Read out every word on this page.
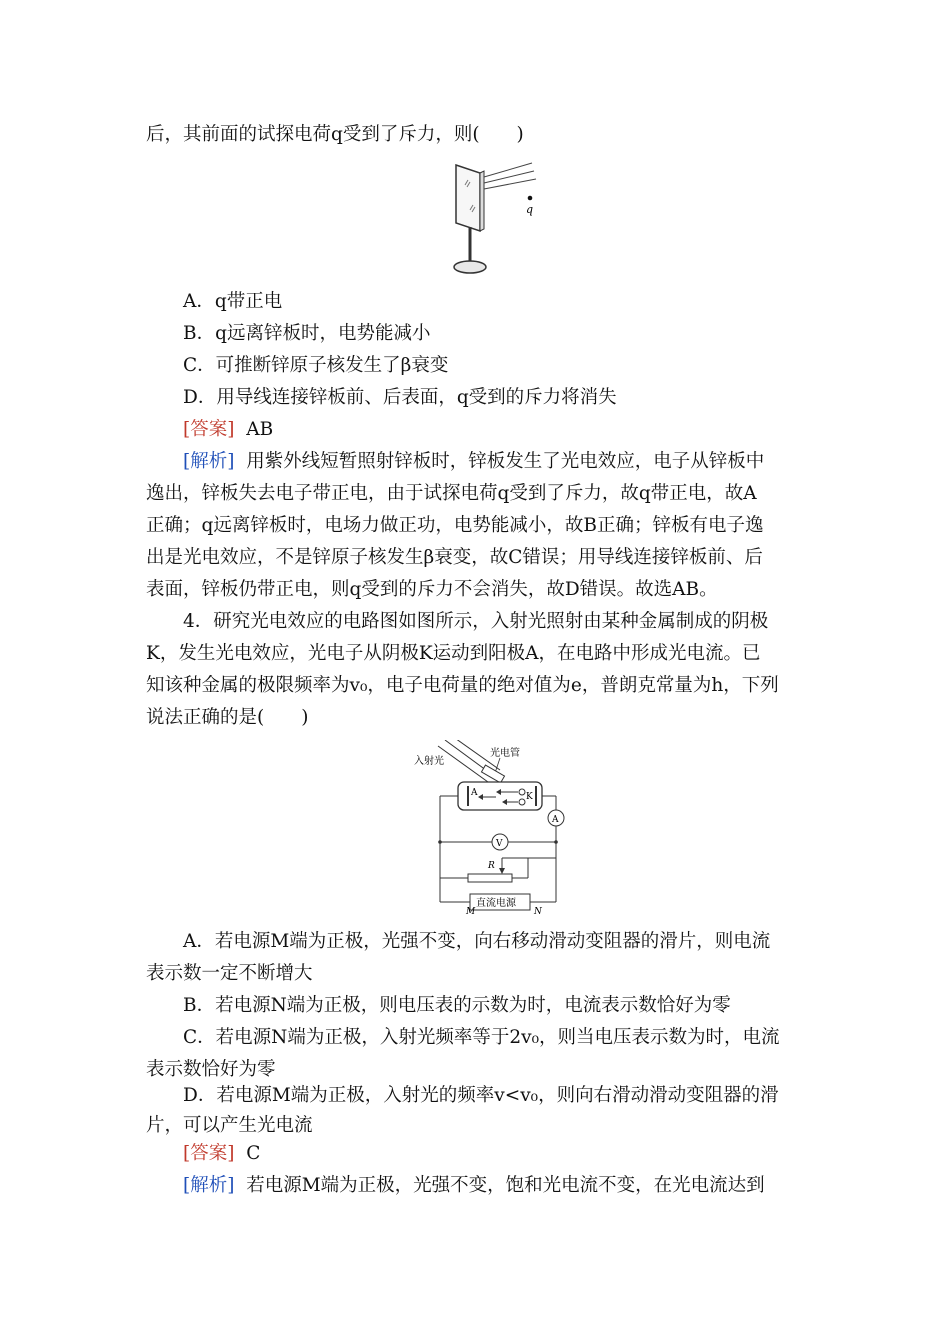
后，其前面的试探电荷q受到了斥力，则(　　)
q
A．q带正电
B．q远离锌板时，电势能减小
C．可推断锌原子核发生了β衰变
D．用导线连接锌板前、后表面，q受到的斥力将消失
[答案] AB
[解析] 用紫外线短暂照射锌板时，锌板发生了光电效应，电子从锌板中
逸出，锌板失去电子带正电，由于试探电荷q受到了斥力，故q带正电，故A
正确；q远离锌板时，电场力做正功，电势能减小，故B正确；锌板有电子逸
出是光电效应，不是锌原子核发生β衰变，故C错误；用导线连接锌板前、后
表面，锌板仍带正电，则q受到的斥力不会消失，故D错误。故选AB。
4．研究光电效应的电路图如图所示，入射光照射由某种金属制成的阴极
K，发生光电效应，光电子从阴极K运动到阳极A，在电路中形成光电流。已
知该种金属的极限频率为v₀，电子电荷量的绝对值为e，普朗克常量为h，下列
说法正确的是(　　)
入射光
光电管
A	K
A
V
R
直流电源
M	N
A．若电源M端为正极，光强不变，向右移动滑动变阻器的滑片，则电流
表示数一定不断增大
B．若电源N端为正极，则电压表的示数为时，电流表示数恰好为零
C．若电源N端为正极，入射光频率等于2v₀，则当电压表示数为时，电流
表示数恰好为零
D．若电源M端为正极，入射光的频率v<v₀，则向右滑动滑动变阻器的滑
片，可以产生光电流
[答案] C
[解析] 若电源M端为正极，光强不变，饱和光电流不变，在光电流达到
